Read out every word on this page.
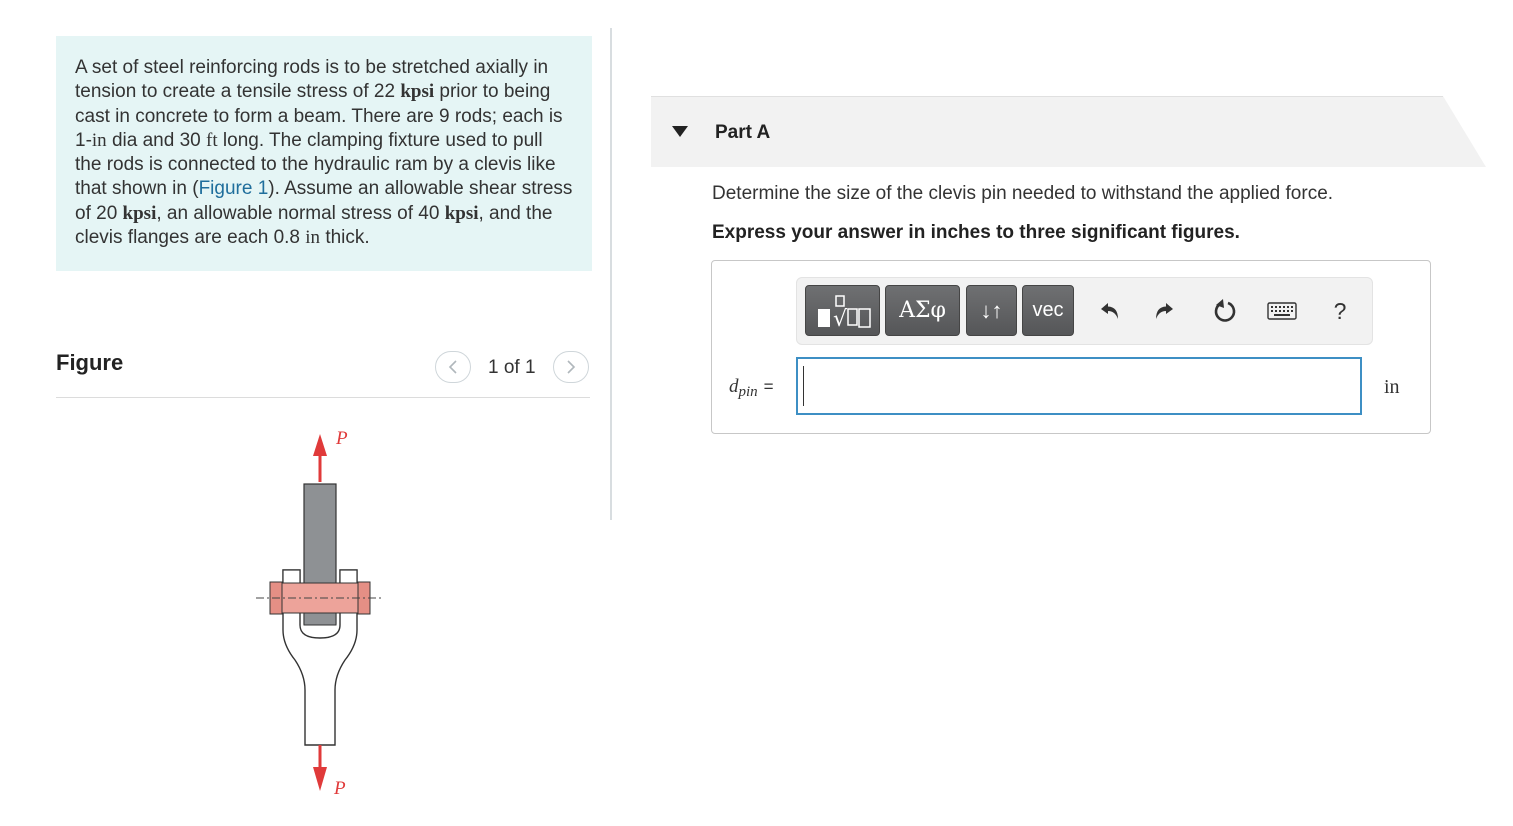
A set of steel reinforcing rods is to be stretched axially in tension to create a tensile stress of 22 kpsi prior to being cast in concrete to form a beam. There are 9 rods; each is 1-in dia and 30 ft long. The clamping fixture used to pull the rods is connected to the hydraulic ram by a clevis like that shown in (Figure 1). Assume an allowable shear stress of 20 kpsi, an allowable normal stress of 40 kpsi, and the clevis flanges are each 0.8 in thick.
Figure	1 of 1
P
P
Part A
Determine the size of the clevis pin needed to withstand the applied force.
Express your answer in inches to three significant figures.
√	ΑΣφ	↓↑	vec	?
dpin =	in
